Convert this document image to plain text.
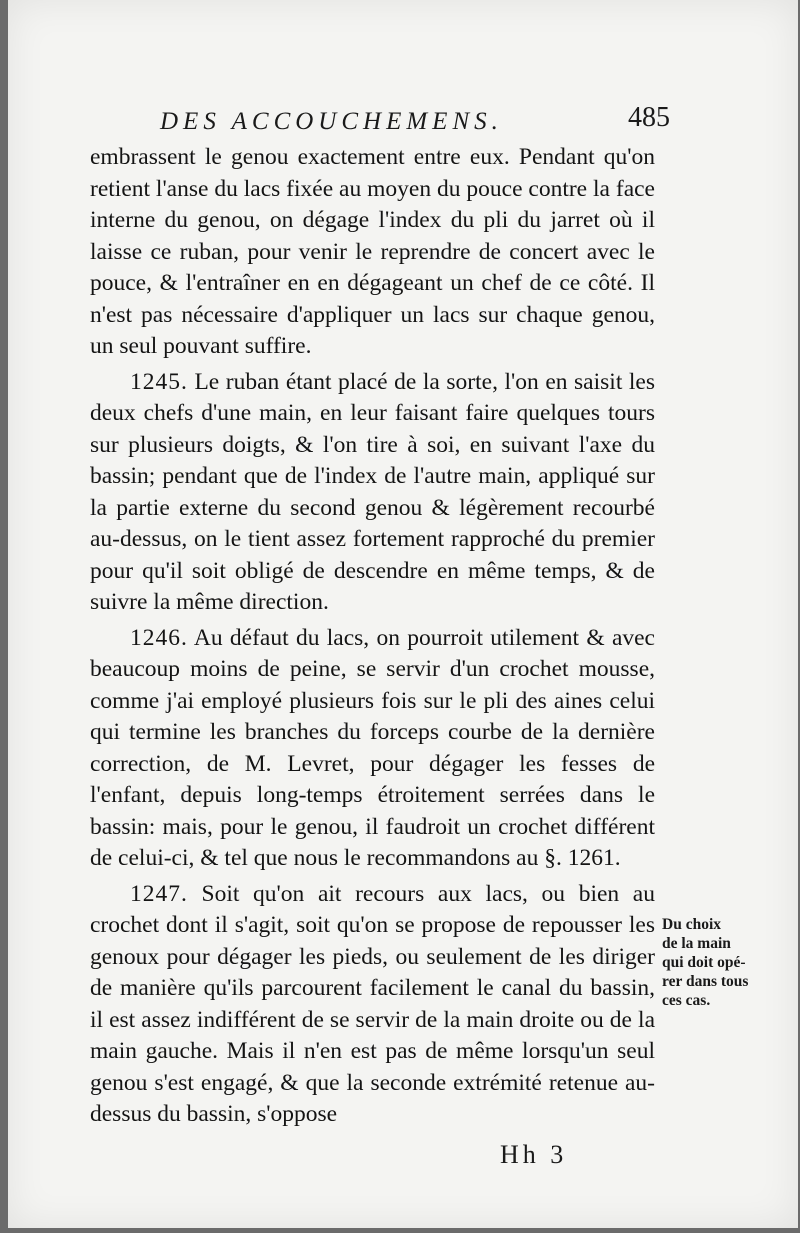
DES ACCOUCHEMENS.	485

embrassent le genou exactement entre eux. Pendant qu'on retient l'anse du lacs fixée au moyen du pouce contre la face interne du genou, on dégage l'index du pli du jarret où il laisse ce ruban, pour venir le reprendre de concert avec le pouce, & l'entraîner en en dégageant un chef de ce côté. Il n'est pas nécessaire d'appliquer un lacs sur chaque genou, un seul pouvant suffire.

1245. Le ruban étant placé de la sorte, l'on en saisit les deux chefs d'une main, en leur faisant faire quelques tours sur plusieurs doigts, & l'on tire à soi, en suivant l'axe du bassin; pendant que de l'index de l'autre main, appliqué sur la partie externe du second genou & légèrement recourbé au-dessus, on le tient assez fortement rapproché du premier pour qu'il soit obligé de descendre en même temps, & de suivre la même direction.

1246. Au défaut du lacs, on pourroit utilement & avec beaucoup moins de peine, se servir d'un crochet mousse, comme j'ai employé plusieurs fois sur le pli des aines celui qui termine les branches du forceps courbe de la dernière correction, de M. Levret, pour dégager les fesses de l'enfant, depuis long-temps étroitement serrées dans le bassin: mais, pour le genou, il faudroit un crochet différent de celui-ci, & tel que nous le recommandons au §. 1261.

1247. Soit qu'on ait recours aux lacs, ou bien au crochet dont il s'agit, soit qu'on se propose de repousser les genoux pour dégager les pieds, ou seulement de les diriger de manière qu'ils parcourent facilement le canal du bassin, il est assez indifférent de se servir de la main droite ou de la main gauche. Mais il n'en est pas de même lorsqu'un seul genou s'est engagé, & que la seconde extrémité retenue au-dessus du bassin, s'oppose

Du choix
de la main
qui doit opé-
rer dans tous
ces cas.
Hh 3
